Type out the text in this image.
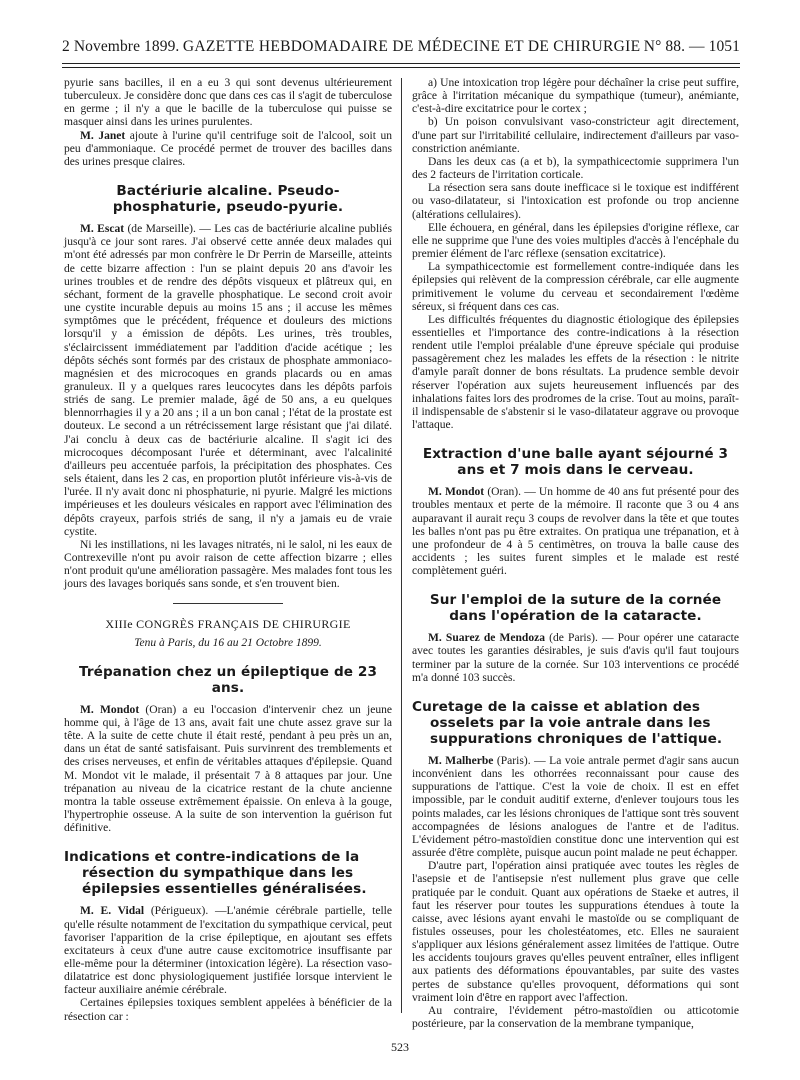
2 Novembre 1899. GAZETTE HEBDOMADAIRE DE MÉDECINE ET DE CHIRURGIE N° 88. — 1051

pyurie sans bacilles, il en a eu 3 qui sont devenus ultérieurement tuberculeux. Je considère donc que dans ces cas il s'agit de tuberculose en germe ; il n'y a que le bacille de la tuberculose qui puisse se masquer ainsi dans les urines purulentes.

M. Janet ajoute à l'urine qu'il centrifuge soit de l'alcool, soit un peu d'ammoniaque. Ce procédé permet de trouver des bacilles dans des urines presque claires.

Bactériurie alcaline. Pseudo-phosphaturie, pseudo-pyurie.

M. Escat (de Marseille). — Les cas de bactériurie alcaline publiés jusqu'à ce jour sont rares. J'ai observé cette année deux malades qui m'ont été adressés par mon confrère le Dr Perrin de Marseille, atteints de cette bizarre affection : l'un se plaint depuis 20 ans d'avoir les urines troubles et de rendre des dépôts visqueux et plâtreux qui, en séchant, forment de la gravelle phosphatique. Le second croit avoir une cystite incurable depuis au moins 15 ans ; il accuse les mêmes symptômes que le précédent, fréquence et douleurs des mictions lorsqu'il y a émission de dépôts. Les urines, très troubles, s'éclaircissent immédiatement par l'addition d'acide acétique ; les dépôts séchés sont formés par des cristaux de phosphate ammoniaco-magnésien et des microcoques en grands placards ou en amas granuleux. Il y a quelques rares leucocytes dans les dépôts parfois striés de sang. Le premier malade, âgé de 50 ans, a eu quelques blennorrhagies il y a 20 ans ; il a un bon canal ; l'état de la prostate est douteux. Le second a un rétrécissement large résistant que j'ai dilaté. J'ai conclu à deux cas de bactériurie alcaline. Il s'agit ici des microcoques décomposant l'urée et déterminant, avec l'alcalinité d'ailleurs peu accentuée parfois, la précipitation des phosphates. Ces sels étaient, dans les 2 cas, en proportion plutôt inférieure vis-à-vis de l'urée. Il n'y avait donc ni phosphaturie, ni pyurie. Malgré les mictions impérieuses et les douleurs vésicales en rapport avec l'élimination des dépôts crayeux, parfois striés de sang, il n'y a jamais eu de vraie cystite.

Ni les instillations, ni les lavages nitratés, ni le salol, ni les eaux de Contrexeville n'ont pu avoir raison de cette affection bizarre ; elles n'ont produit qu'une amélioration passagère. Mes malades font tous les jours des lavages boriqués sans sonde, et s'en trouvent bien.

XIIIe CONGRÈS FRANÇAIS DE CHIRURGIE
Tenu à Paris, du 16 au 21 Octobre 1899.
Trépanation chez un épileptique de 23 ans.

M. Mondot (Oran) a eu l'occasion d'intervenir chez un jeune homme qui, à l'âge de 13 ans, avait fait une chute assez grave sur la tête. A la suite de cette chute il était resté, pendant à peu près un an, dans un état de santé satisfaisant. Puis survinrent des tremblements et des crises nerveuses, et enfin de véritables attaques d'épilepsie. Quand M. Mondot vit le malade, il présentait 7 à 8 attaques par jour. Une trépanation au niveau de la cicatrice restant de la chute ancienne montra la table osseuse extrêmement épaissie. On enleva à la gouge, l'hypertrophie osseuse. A la suite de son intervention la guérison fut définitive.

Indications et contre-indications de la résection du sympathique dans les épilepsies essentielles généralisées.

M. E. Vidal (Périgueux). —L'anémie cérébrale partielle, telle qu'elle résulte notamment de l'excitation du sympathique cervical, peut favoriser l'apparition de la crise épileptique, en ajoutant ses effets excitateurs à ceux d'une autre cause excitomotrice insuffisante par elle-même pour la déterminer (intoxication légère). La résection vaso-dilatatrice est donc physiologiquement justifiée lorsque intervient le facteur auxiliaire anémie cérébrale.

Certaines épilepsies toxiques semblent appelées à bénéficier de la résection car :

a) Une intoxication trop légère pour déchaîner la crise peut suffire, grâce à l'irritation mécanique du sympathique (tumeur), anémiante, c'est-à-dire excitatrice pour le cortex ;

b) Un poison convulsivant vaso-constricteur agit directement, d'une part sur l'irritabilité cellulaire, indirectement d'ailleurs par vaso-constriction anémiante.

Dans les deux cas (a et b), la sympathicectomie supprimera l'un des 2 facteurs de l'irritation corticale.

La résection sera sans doute inefficace si le toxique est indifférent ou vaso-dilatateur, si l'intoxication est profonde ou trop ancienne (altérations cellulaires).

Elle échouera, en général, dans les épilepsies d'origine réflexe, car elle ne supprime que l'une des voies multiples d'accès à l'encéphale du premier élément de l'arc réflexe (sensation excitatrice).

La sympathicectomie est formellement contre-indiquée dans les épilepsies qui relèvent de la compression cérébrale, car elle augmente primitivement le volume du cerveau et secondairement l'œdème séreux, si fréquent dans ces cas.

Les difficultés fréquentes du diagnostic étiologique des épilepsies essentielles et l'importance des contre-indications à la résection rendent utile l'emploi préalable d'une épreuve spéciale qui produise passagèrement chez les malades les effets de la résection : le nitrite d'amyle paraît donner de bons résultats. La prudence semble devoir réserver l'opération aux sujets heureusement influencés par des inhalations faites lors des prodromes de la crise. Tout au moins, paraît-il indispensable de s'abstenir si le vaso-dilatateur aggrave ou provoque l'attaque.

Extraction d'une balle ayant séjourné 3 ans et 7 mois dans le cerveau.

M. Mondot (Oran). — Un homme de 40 ans fut présenté pour des troubles mentaux et perte de la mémoire. Il raconte que 3 ou 4 ans auparavant il aurait reçu 3 coups de revolver dans la tête et que toutes les balles n'ont pas pu être extraites. On pratiqua une trépanation, et à une profondeur de 4 à 5 centimètres, on trouva la balle cause des accidents ; les suites furent simples et le malade est resté complètement guéri.

Sur l'emploi de la suture de la cornée dans l'opération de la cataracte.

M. Suarez de Mendoza (de Paris). — Pour opérer une cataracte avec toutes les garanties désirables, je suis d'avis qu'il faut toujours terminer par la suture de la cornée. Sur 103 interventions ce procédé m'a donné 103 succès.

Curetage de la caisse et ablation des osselets par la voie antrale dans les suppurations chroniques de l'attique.

M. Malherbe (Paris). — La voie antrale permet d'agir sans aucun inconvénient dans les othorrées reconnaissant pour cause des suppurations de l'attique. C'est la voie de choix. Il est en effet impossible, par le conduit auditif externe, d'enlever toujours tous les points malades, car les lésions chroniques de l'attique sont très souvent accompagnées de lésions analogues de l'antre et de l'aditus. L'évidement pétro-mastoïdien constitue donc une intervention qui est assurée d'être complète, puisque aucun point malade ne peut échapper.

D'autre part, l'opération ainsi pratiquée avec toutes les règles de l'asepsie et de l'antisepsie n'est nullement plus grave que celle pratiquée par le conduit. Quant aux opérations de Staeke et autres, il faut les réserver pour toutes les suppurations étendues à toute la caisse, avec lésions ayant envahi le mastoïde ou se compliquant de fistules osseuses, pour les cholestéatomes, etc. Elles ne sauraient s'appliquer aux lésions généralement assez limitées de l'attique. Outre les accidents toujours graves qu'elles peuvent entraîner, elles infligent aux patients des déformations épouvantables, par suite des vastes pertes de substance qu'elles provoquent, déformations qui sont vraiment loin d'être en rapport avec l'affection.

Au contraire, l'évidement pétro-mastoïdien ou atticotomie postérieure, par la conservation de la membrane tympanique,

523
